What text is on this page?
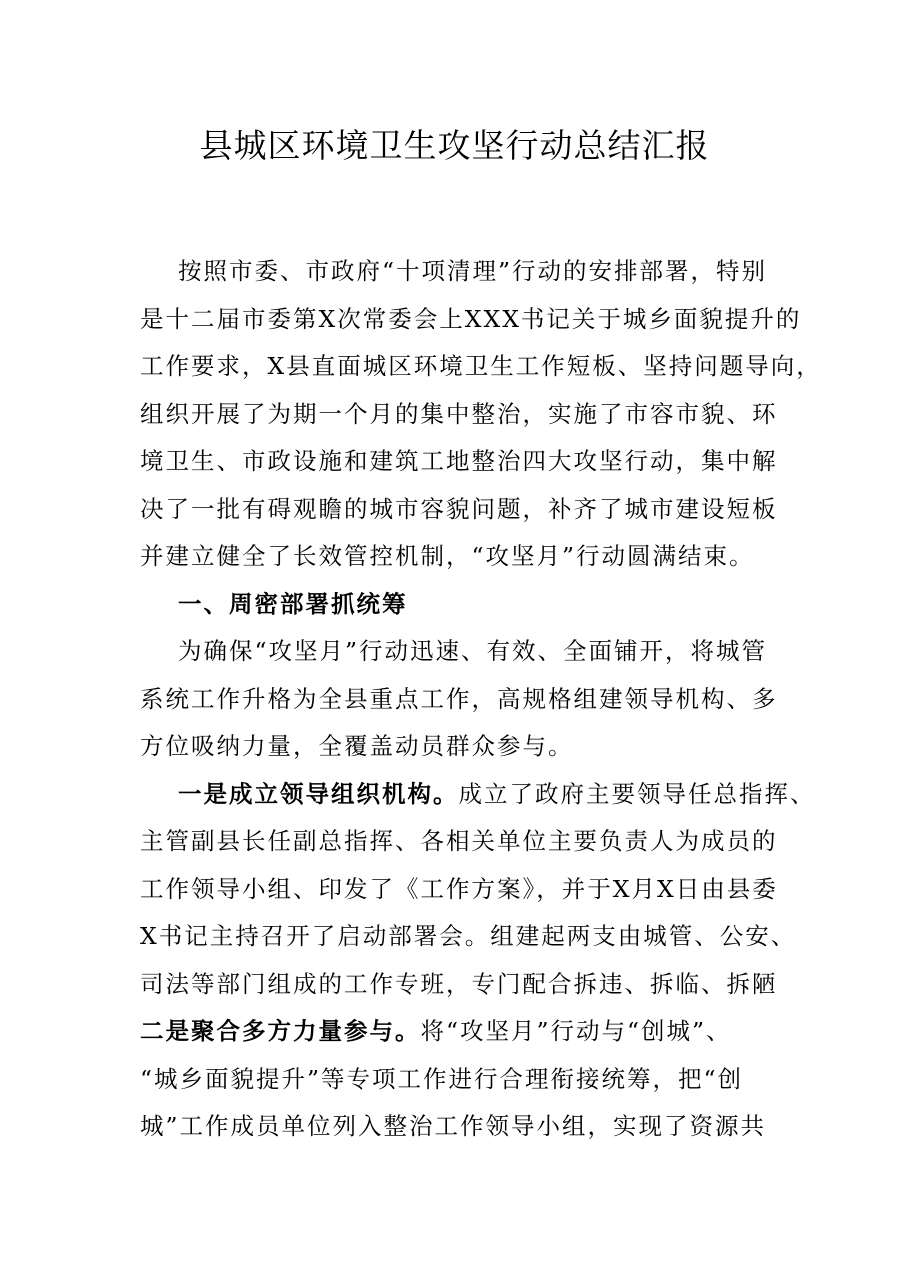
县城区环境卫生攻坚行动总结汇报
按照市委、市政府“十项清理”行动的安排部署，特别
是十二届市委第X次常委会上XXX书记关于城乡面貌提升的
工作要求，X县直面城区环境卫生工作短板、坚持问题导向，
组织开展了为期一个月的集中整治，实施了市容市貌、环
境卫生、市政设施和建筑工地整治四大攻坚行动，集中解
决了一批有碍观瞻的城市容貌问题，补齐了城市建设短板
并建立健全了长效管控机制，“攻坚月”行动圆满结束。
一、周密部署抓统筹
为确保“攻坚月”行动迅速、有效、全面铺开，将城管
系统工作升格为全县重点工作，高规格组建领导机构、多
方位吸纳力量，全覆盖动员群众参与。
一是成立领导组织机构。成立了政府主要领导任总指挥、
主管副县长任副总指挥、各相关单位主要负责人为成员的
工作领导小组、印发了《工作方案》，并于X月X日由县委
X书记主持召开了启动部署会。组建起两支由城管、公安、
司法等部门组成的工作专班，专门配合拆违、拆临、拆陋
二是聚合多方力量参与。将“攻坚月”行动与“创城”、
“城乡面貌提升”等专项工作进行合理衔接统筹，把“创
城”工作成员单位列入整治工作领导小组，实现了资源共
